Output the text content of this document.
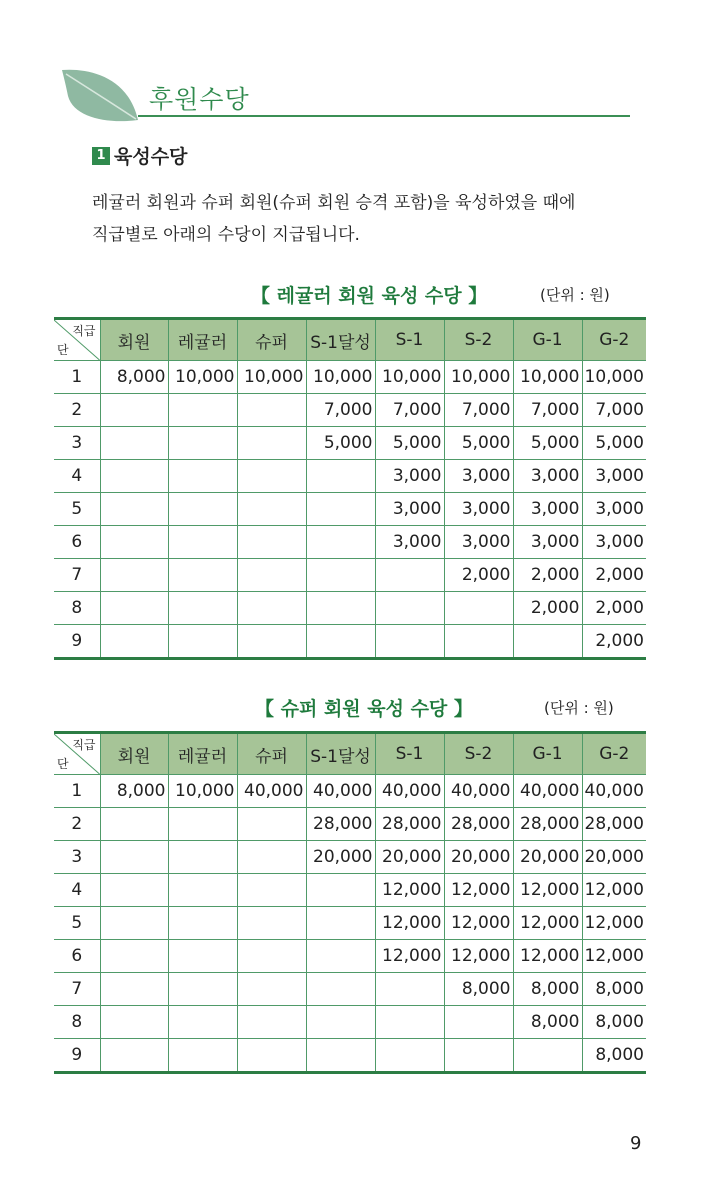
후원수당
1 육성수당
레귤러 회원과 슈퍼 회원(슈퍼 회원 승격 포함)을 육성하였을 때에
직급별로 아래의 수당이 지급됩니다.
【 레귤러 회원 육성 수당 】	(단위 : 원)
직급
단	회원	레귤러	슈퍼	S-1달성	S-1	S-2	G-1	G-2
1	8,000	10,000	10,000	10,000	10,000	10,000	10,000	10,000
2				7,000	7,000	7,000	7,000	7,000
3				5,000	5,000	5,000	5,000	5,000
4					3,000	3,000	3,000	3,000
5					3,000	3,000	3,000	3,000
6					3,000	3,000	3,000	3,000
7						2,000	2,000	2,000
8							2,000	2,000
9								2,000
【 슈퍼 회원 육성 수당 】	(단위 : 원)
직급
단	회원	레귤러	슈퍼	S-1달성	S-1	S-2	G-1	G-2
1	8,000	10,000	40,000	40,000	40,000	40,000	40,000	40,000
2				28,000	28,000	28,000	28,000	28,000
3				20,000	20,000	20,000	20,000	20,000
4					12,000	12,000	12,000	12,000
5					12,000	12,000	12,000	12,000
6					12,000	12,000	12,000	12,000
7						8,000	8,000	8,000
8							8,000	8,000
9								8,000
9
